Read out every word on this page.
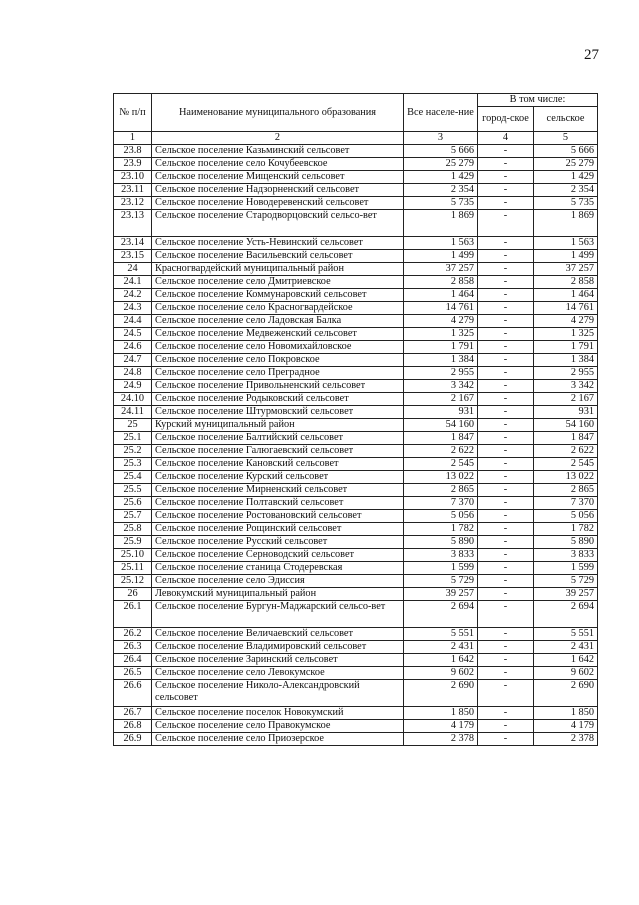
27
№ п/п	Наименование муниципального образования	Все населе-ние	В том числе:	
			город-ское	сельское
1	2	3	4	5
23.8	Сельское поселение Казьминский сельсовет	5 666	-	5 666
23.9	Сельское поселение село Кочубеевское	25 279	-	25 279
23.10	Сельское поселение Мищенский сельсовет	1 429	-	1 429
23.11	Сельское поселение Надзорненский сельсовет	2 354	-	2 354
23.12	Сельское поселение Новодеревенский сельсовет	5 735	-	5 735
23.13	Сельское поселение Стародворцовский сельсо-вет	1 869	-	1 869
23.14	Сельское поселение Усть-Невинский сельсовет	1 563	-	1 563
23.15	Сельское поселение Васильевский сельсовет	1 499	-	1 499
24	Красногвардейский муниципальный район	37 257	-	37 257
24.1	Сельское поселение село Дмитриевское	2 858	-	2 858
24.2	Сельское поселение Коммунаровский сельсовет	1 464	-	1 464
24.3	Сельское поселение село Красногвардейское	14 761	-	14 761
24.4	Сельское поселение село Ладовская Балка	4 279	-	4 279
24.5	Сельское поселение Медвеженский сельсовет	1 325	-	1 325
24.6	Сельское поселение село Новомихайловское	1 791	-	1 791
24.7	Сельское поселение село Покровское	1 384	-	1 384
24.8	Сельское поселение село Преградное	2 955	-	2 955
24.9	Сельское поселение Привольненский сельсовет	3 342	-	3 342
24.10	Сельское поселение Родыковский сельсовет	2 167	-	2 167
24.11	Сельское поселение Штурмовский сельсовет	931	-	931
25	Курский муниципальный район	54 160	-	54 160
25.1	Сельское поселение Балтийский сельсовет	1 847	-	1 847
25.2	Сельское поселение Галюгаевский сельсовет	2 622	-	2 622
25.3	Сельское поселение Кановский сельсовет	2 545	-	2 545
25.4	Сельское поселение Курский сельсовет	13 022	-	13 022
25.5	Сельское поселение Мирненский сельсовет	2 865	-	2 865
25.6	Сельское поселение Полтавский сельсовет	7 370	-	7 370
25.7	Сельское поселение Ростовановский сельсовет	5 056	-	5 056
25.8	Сельское поселение Рощинский сельсовет	1 782	-	1 782
25.9	Сельское поселение Русский сельсовет	5 890	-	5 890
25.10	Сельское поселение Серноводский сельсовет	3 833	-	3 833
25.11	Сельское поселение станица Стодеревская	1 599	-	1 599
25.12	Сельское поселение село Эдиссия	5 729	-	5 729
26	Левокумский муниципальный район	39 257	-	39 257
26.1	Сельское поселение Бургун-Маджарский сельсо-вет	2 694	-	2 694
26.2	Сельское поселение Величаевский сельсовет	5 551	-	5 551
26.3	Сельское поселение Владимировский сельсовет	2 431	-	2 431
26.4	Сельское поселение Заринский сельсовет	1 642	-	1 642
26.5	Сельское поселение село Левокумское	9 602	-	9 602
26.6	Сельское поселение Николо-Александровский сельсовет	2 690	-	2 690
26.7	Сельское поселение поселок Новокумский	1 850	-	1 850
26.8	Сельское поселение село Правокумское	4 179	-	4 179
26.9	Сельское поселение село Приозерское	2 378	-	2 378
